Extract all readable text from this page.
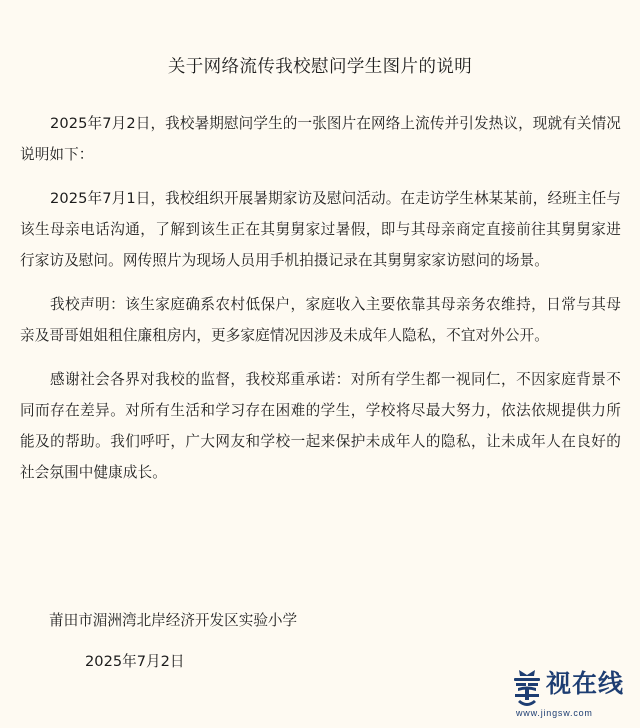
关于网络流传我校慰问学生图片的说明

2025年7月2日，我校暑期慰问学生的一张图片在网络上流传并引发热议，现就有关情况说明如下：

2025年7月1日，我校组织开展暑期家访及慰问活动。在走访学生林某某前，经班主任与该生母亲电话沟通，了解到该生正在其舅舅家过暑假，即与其母亲商定直接前往其舅舅家进行家访及慰问。网传照片为现场人员用手机拍摄记录在其舅舅家家访慰问的场景。

我校声明：该生家庭确系农村低保户，家庭收入主要依靠其母亲务农维持，日常与其母亲及哥哥姐姐租住廉租房内，更多家庭情况因涉及未成年人隐私，不宜对外公开。

感谢社会各界对我校的监督，我校郑重承诺：对所有学生都一视同仁，不因家庭背景不同而存在差异。对所有生活和学习存在困难的学生，学校将尽最大努力，依法依规提供力所能及的帮助。我们呼吁，广大网友和学校一起来保护未成年人的隐私，让未成年人在良好的社会氛围中健康成长。

莆田市湄洲湾北岸经济开发区实验小学
2025年7月2日
视在线
www.jingsw.com
